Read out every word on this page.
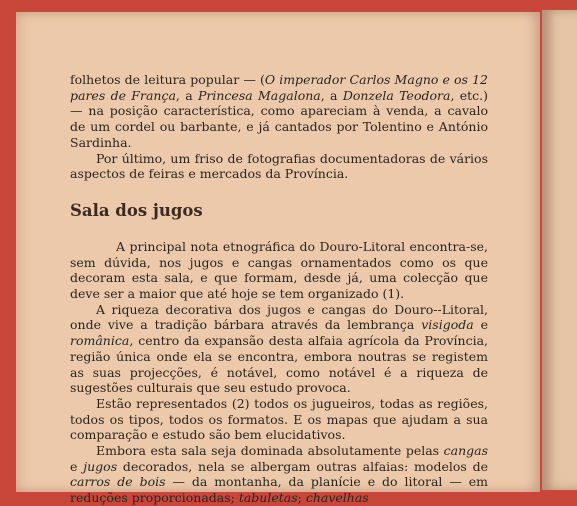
folhetos de leitura popular — (O imperador Carlos Magno e os 12 pares de França, a Princesa Magalona, a Donzela Teodora, etc.) — na posição característica, como apareciam à venda, a cavalo de um cordel ou barbante, e já cantados por Tolentino e António Sardinha.

Por último, um friso de fotografias documentadoras de vários aspectos de feiras e mercados da Província.

Sala dos jugos

A principal nota etnográfica do Douro-Litoral encontra-se, sem dúvida, nos jugos e cangas ornamentados como os que decoram esta sala, e que formam, desde já, uma colecção que deve ser a maior que até hoje se tem organizado (1).

A riqueza decorativa dos jugos e cangas do Douro--Litoral, onde vive a tradição bárbara através da lembrança visigoda e românica, centro da expansão desta alfaia agrícola da Província, região única onde ela se encontra, embora noutras se registem as suas projecções, é notável, como notável é a riqueza de sugestões culturais que seu estudo provoca.

Estão representados (2) todos os jugueiros, todas as regiões, todos os tipos, todos os formatos. E os mapas que ajudam a sua comparação e estudo são bem elucidativos.

Embora esta sala seja dominada absolutamente pelas cangas e jugos decorados, nela se albergam outras alfaias: modelos de carros de bois — da montanha, da planície e do litoral — em reduções proporcionadas; tabuletas; chavelhas
